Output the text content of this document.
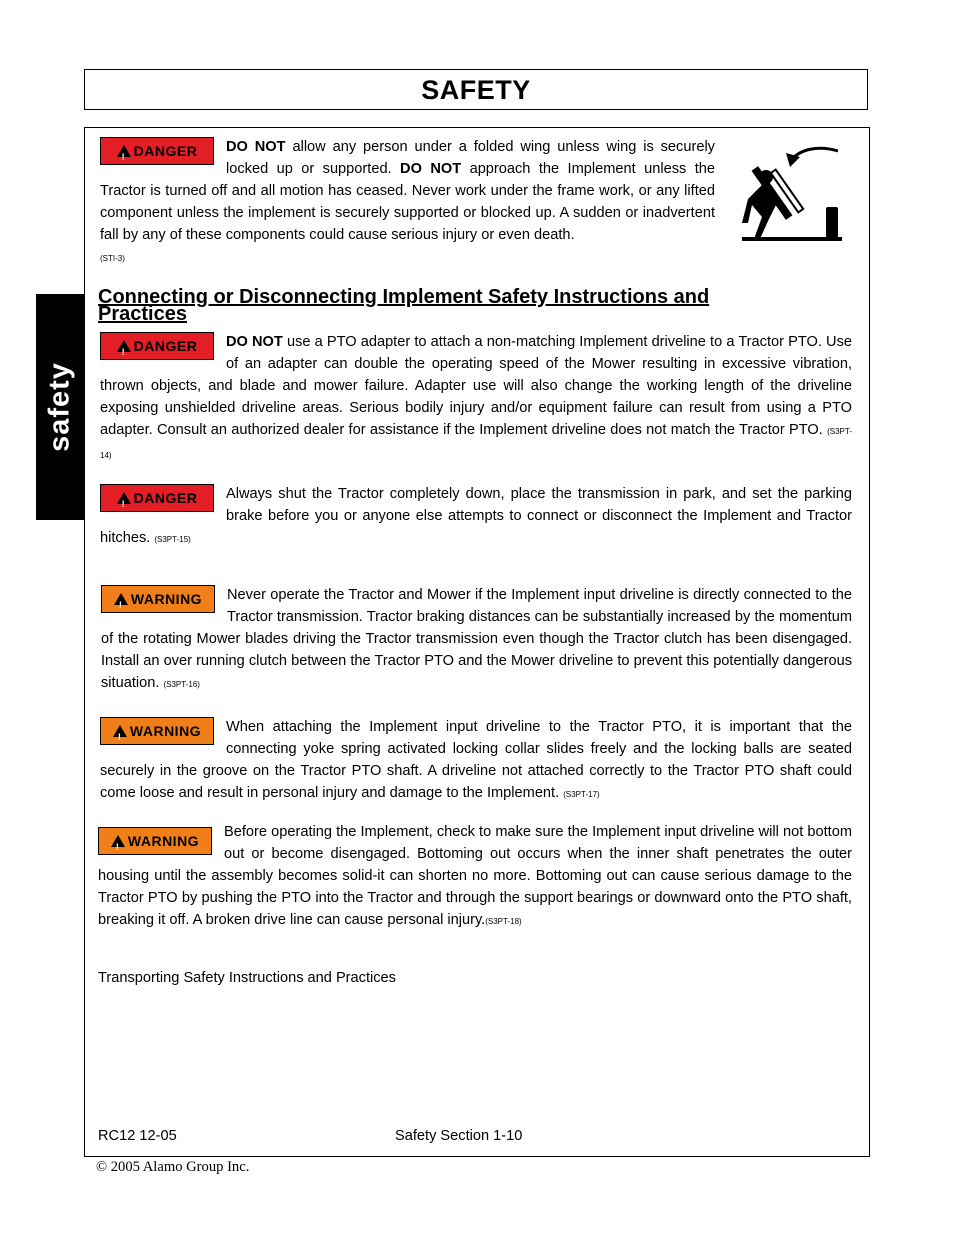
SAFETY
safety
!
DANGER DO NOT allow any person under a folded wing unless wing is securely locked up or supported. DO NOT approach the Implement unless the Tractor is turned off and all motion has ceased. Never work under the frame work, or any lifted component unless the implement is securely supported or blocked up. A sudden or inadvertent fall by any of these components could cause serious injury or even death.
(STI-3)
Connecting or Disconnecting Implement Safety Instructions and Practices
!
DANGER DO NOT use a PTO adapter to attach a non-matching Implement driveline to a Tractor PTO. Use of an adapter can double the operating speed of the Mower resulting in excessive vibration, thrown objects, and blade and mower failure. Adapter use will also change the working length of the driveline exposing unshielded driveline areas. Serious bodily injury and/or equipment failure can result from using a PTO adapter. Consult an authorized dealer for assistance if the Implement driveline does not match the Tractor PTO. (S3PT-14)
!
DANGER Always shut the Tractor completely down, place the transmission in park, and set the parking brake before you or anyone else attempts to connect or disconnect the Implement and Tractor hitches. (S3PT-15)
!
WARNING Never operate the Tractor and Mower if the Implement input driveline is directly connected to the Tractor transmission. Tractor braking distances can be substantially increased by the momentum of the rotating Mower blades driving the Tractor transmission even though the Tractor clutch has been disengaged. Install an over running clutch between the Tractor PTO and the Mower driveline to prevent this potentially dangerous situation. (S3PT-16)
!
WARNING When attaching the Implement input driveline to the Tractor PTO, it is important that the connecting yoke spring activated locking collar slides freely and the locking balls are seated securely in the groove on the Tractor PTO shaft. A driveline not attached correctly to the Tractor PTO shaft could come loose and result in personal injury and damage to the Implement. (S3PT-17)
!
WARNING
Before operating the Implement, check to make sure the Implement input driveline will not bottom out or become disengaged. Bottoming out occurs when the inner shaft penetrates the outer housing until the assembly becomes solid-it can shorten no more. Bottoming out can cause serious damage to the Tractor PTO by pushing the PTO into the Tractor and through the support bearings or downward onto the PTO shaft, breaking it off. A broken drive line can cause personal injury.(S3PT-18)
Transporting Safety Instructions and Practices
RC12 12-05	Safety Section 1-10
© 2005 Alamo Group Inc.
